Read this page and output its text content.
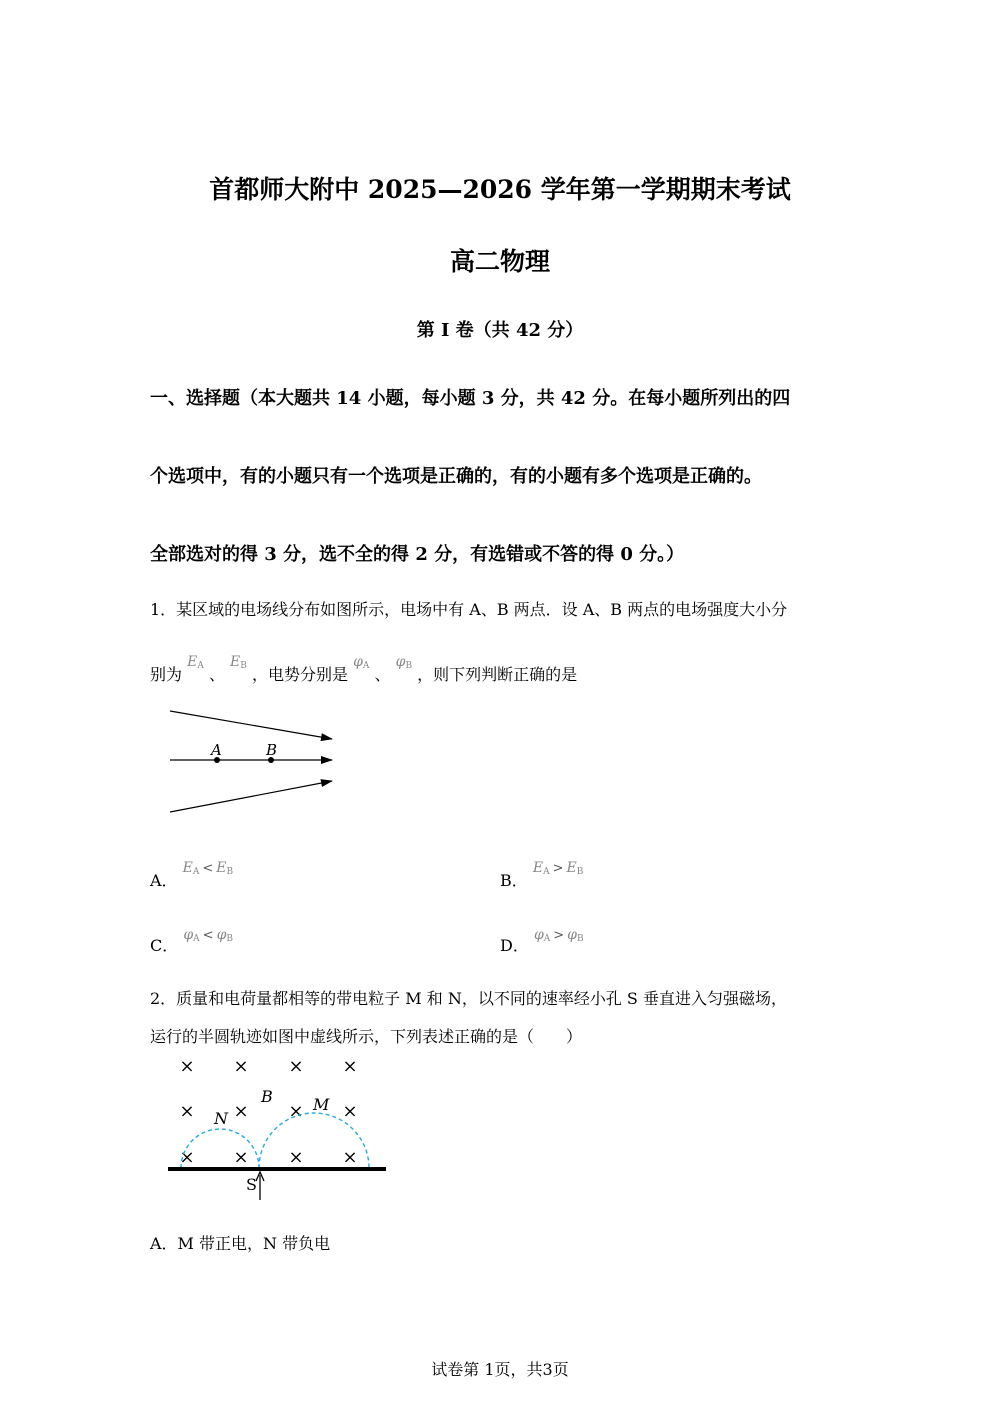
首都师大附中 2025—2026 学年第一学期期末考试
高二物理
第 I 卷（共 42 分）
一、选择题（本大题共 14 小题，每小题 3 分，共 42 分。在每小题所列出的四
个选项中，有的小题只有一个选项是正确的，有的小题有多个选项是正确的。
全部选对的得 3 分，选不全的得 2 分，有选错或不答的得 0 分。）
1．某区域的电场线分布如图所示，电场中有 A、B 两点．设 A、B 两点的电场强度大小分
别为 $E_A$ 、 $E_B$ ，电势分别是 $\varphi_A$ 、 $\varphi_B$ ，则下列判断正确的是
A	B
A． $E_A < E_B$	B． $E_A > E_B$
C． $\varphi_A < \varphi_B$	D． $\varphi_A > \varphi_B$
2．质量和电荷量都相等的带电粒子 M 和 N，以不同的速率经小孔 S 垂直进入匀强磁场，
运行的半圆轨迹如图中虚线所示，下列表述正确的是（　　）
× × × ×
× × × ×
× × × ×
N
M
B
S
A．M 带正电，N 带负电
试卷第 1页，共3页
